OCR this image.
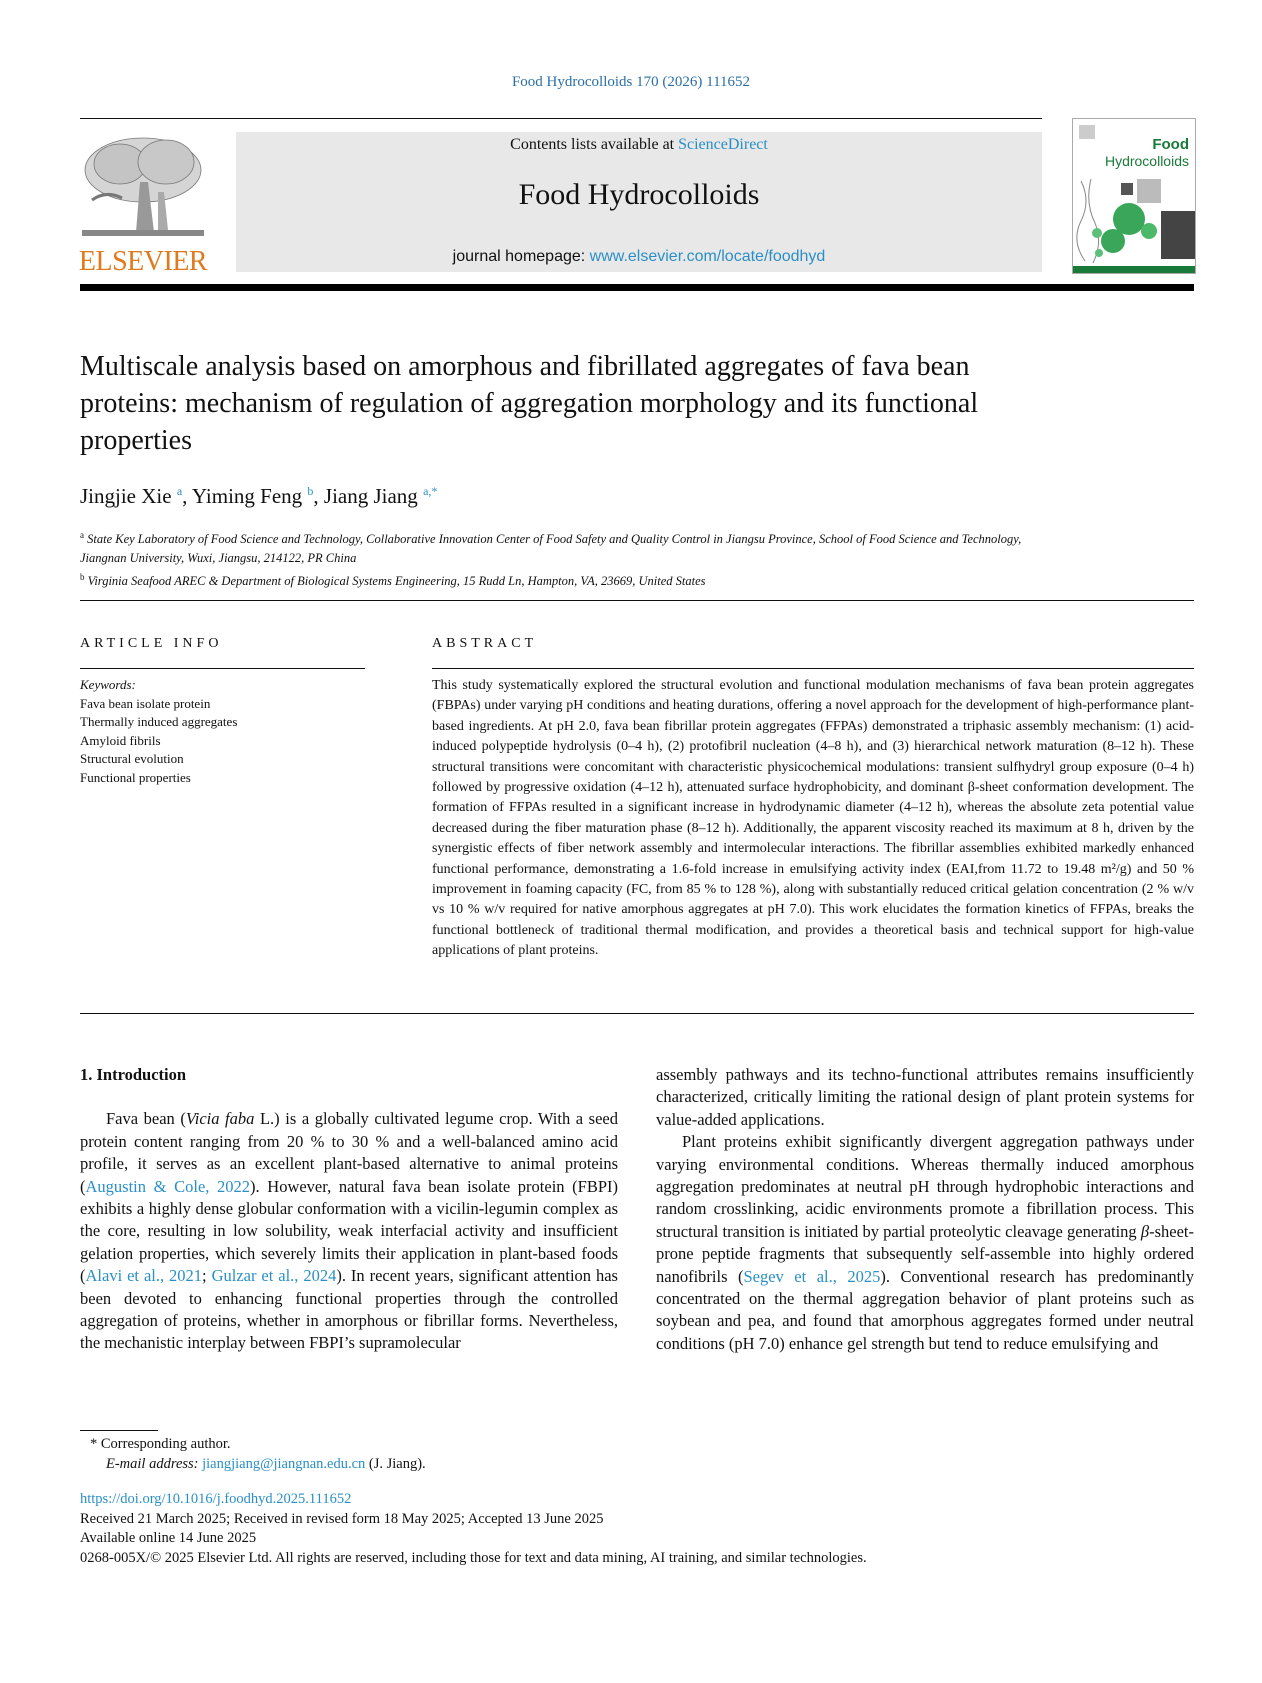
Food Hydrocolloids 170 (2026) 111652
ELSEVIER
Contents lists available at ScienceDirect
Food Hydrocolloids
journal homepage: www.elsevier.com/locate/foodhyd
Food
Hydrocolloids
Multiscale analysis based on amorphous and fibrillated aggregates of fava bean proteins: mechanism of regulation of aggregation morphology and its functional properties
Jingjie Xie $^a$, Yiming Feng $^b$, Jiang Jiang $^{a,*}$
$^a$ State Key Laboratory of Food Science and Technology, Collaborative Innovation Center of Food Safety and Quality Control in Jiangsu Province, School of Food Science and Technology, Jiangnan University, Wuxi, Jiangsu, 214122, PR China
$^b$ Virginia Seafood AREC & Department of Biological Systems Engineering, 15 Rudd Ln, Hampton, VA, 23669, United States
ARTICLE INFO
Keywords:
Fava bean isolate protein
Thermally induced aggregates
Amyloid fibrils
Structural evolution
Functional properties
ABSTRACT
This study systematically explored the structural evolution and functional modulation mechanisms of fava bean protein aggregates (FBPAs) under varying pH conditions and heating durations, offering a novel approach for the development of high-performance plant-based ingredients. At pH 2.0, fava bean fibrillar protein aggregates (FFPAs) demonstrated a triphasic assembly mechanism: (1) acid-induced polypeptide hydrolysis (0–4 h), (2) protofibril nucleation (4–8 h), and (3) hierarchical network maturation (8–12 h). These structural transitions were concomitant with characteristic physicochemical modulations: transient sulfhydryl group exposure (0–4 h) followed by progressive oxidation (4–12 h), attenuated surface hydrophobicity, and dominant β-sheet conformation development. The formation of FFPAs resulted in a significant increase in hydrodynamic diameter (4–12 h), whereas the absolute zeta potential value decreased during the fiber maturation phase (8–12 h). Additionally, the apparent viscosity reached its maximum at 8 h, driven by the synergistic effects of fiber network assembly and intermolecular interactions. The fibrillar assemblies exhibited markedly enhanced functional performance, demonstrating a 1.6-fold increase in emulsifying activity index (EAI,from 11.72 to 19.48 m²/g) and 50 % improvement in foaming capacity (FC, from 85 % to 128 %), along with substantially reduced critical gelation concentration (2 % w/v vs 10 % w/v required for native amorphous aggregates at pH 7.0). This work elucidates the formation kinetics of FFPAs, breaks the functional bottleneck of traditional thermal modification, and provides a theoretical basis and technical support for high-value applications of plant proteins.
1. Introduction
Fava bean (Vicia faba L.) is a globally cultivated legume crop. With a seed protein content ranging from 20 % to 30 % and a well-balanced amino acid profile, it serves as an excellent plant-based alternative to animal proteins (Augustin & Cole, 2022). However, natural fava bean isolate protein (FBPI) exhibits a highly dense globular conformation with a vicilin-legumin complex as the core, resulting in low solubility, weak interfacial activity and insufficient gelation properties, which severely limits their application in plant-based foods (Alavi et al., 2021; Gulzar et al., 2024). In recent years, significant attention has been devoted to enhancing functional properties through the controlled aggregation of proteins, whether in amorphous or fibrillar forms. Nevertheless, the mechanistic interplay between FBPI’s supramolecular
assembly pathways and its techno-functional attributes remains insufficiently characterized, critically limiting the rational design of plant protein systems for value-added applications.
Plant proteins exhibit significantly divergent aggregation pathways under varying environmental conditions. Whereas thermally induced amorphous aggregation predominates at neutral pH through hydrophobic interactions and random crosslinking, acidic environments promote a fibrillation process. This structural transition is initiated by partial proteolytic cleavage generating β-sheet-prone peptide fragments that subsequently self-assemble into highly ordered nanofibrils (Segev et al., 2025). Conventional research has predominantly concentrated on the thermal aggregation behavior of plant proteins such as soybean and pea, and found that amorphous aggregates formed under neutral conditions (pH 7.0) enhance gel strength but tend to reduce emulsifying and
* Corresponding author.
E-mail address: jiangjiang@jiangnan.edu.cn (J. Jiang).
https://doi.org/10.1016/j.foodhyd.2025.111652
Received 21 March 2025; Received in revised form 18 May 2025; Accepted 13 June 2025
Available online 14 June 2025
0268-005X/© 2025 Elsevier Ltd. All rights are reserved, including those for text and data mining, AI training, and similar technologies.
